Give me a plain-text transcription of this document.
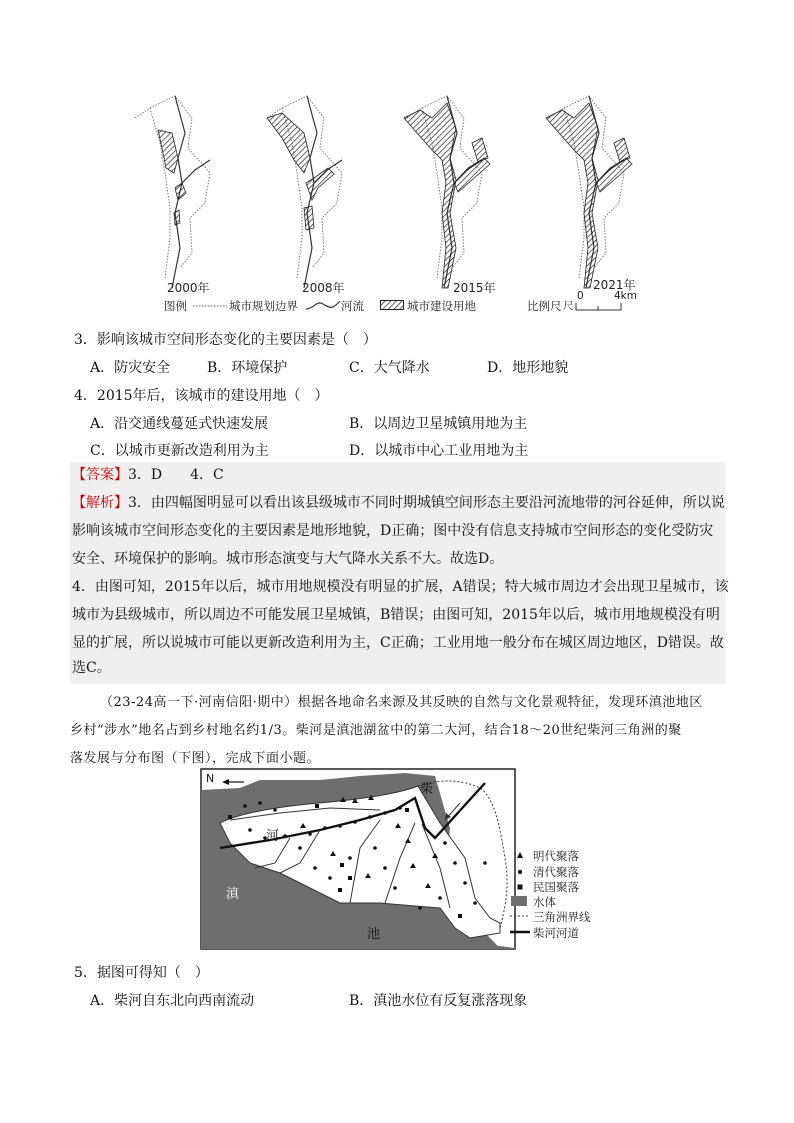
2000年	2008年	2015年	2021年
图例	城市规划边界	河流	城市建设用地	比例尺 尺
0	4km
3．影响该城市空间形态变化的主要因素是（　）
A．防灾安全	B．环境保护	C．大气降水	D．地形地貌
4．2015年后，该城市的建设用地（　）
A．沿交通线蔓延式快速发展	B．以周边卫星城镇用地为主
C．以城市更新改造利用为主	D．以城市中心工业用地为主
【答案】3．D　　4．C
【解析】3．由四幅图明显可以看出该县级城市不同时期城镇空间形态主要沿河流地带的河谷延伸，所以说
影响该城市空间形态变化的主要因素是地形地貌，D正确；图中没有信息支持城市空间形态的变化受防灾
安全、环境保护的影响。城市形态演变与大气降水关系不大。故选D。
4．由图可知，2015年以后，城市用地规模没有明显的扩展，A错误；特大城市周边才会出现卫星城市，该
城市为县级城市，所以周边不可能发展卫星城镇，B错误；由图可知，2015年以后，城市用地规模没有明
显的扩展，所以说城市可能以更新改造利用为主，C正确；工业用地一般分布在城区周边地区，D错误。故
选C。
（23-24高一下·河南信阳·期中）根据各地命名来源及其反映的自然与文化景观特征，发现环滇池地区
乡村“涉水”地名占到乡村地名约1/3。柴河是滇池湖盆中的第二大河，结合18～20世纪柴河三角洲的聚
落发展与分布图（下图），完成下面小题。
N
柴
河
滇
池
明代聚落
清代聚落
民国聚落
水体
三角洲界线
柴河河道
5．据图可得知（　）
A．柴河自东北向西南流动	B．滇池水位有反复涨落现象
